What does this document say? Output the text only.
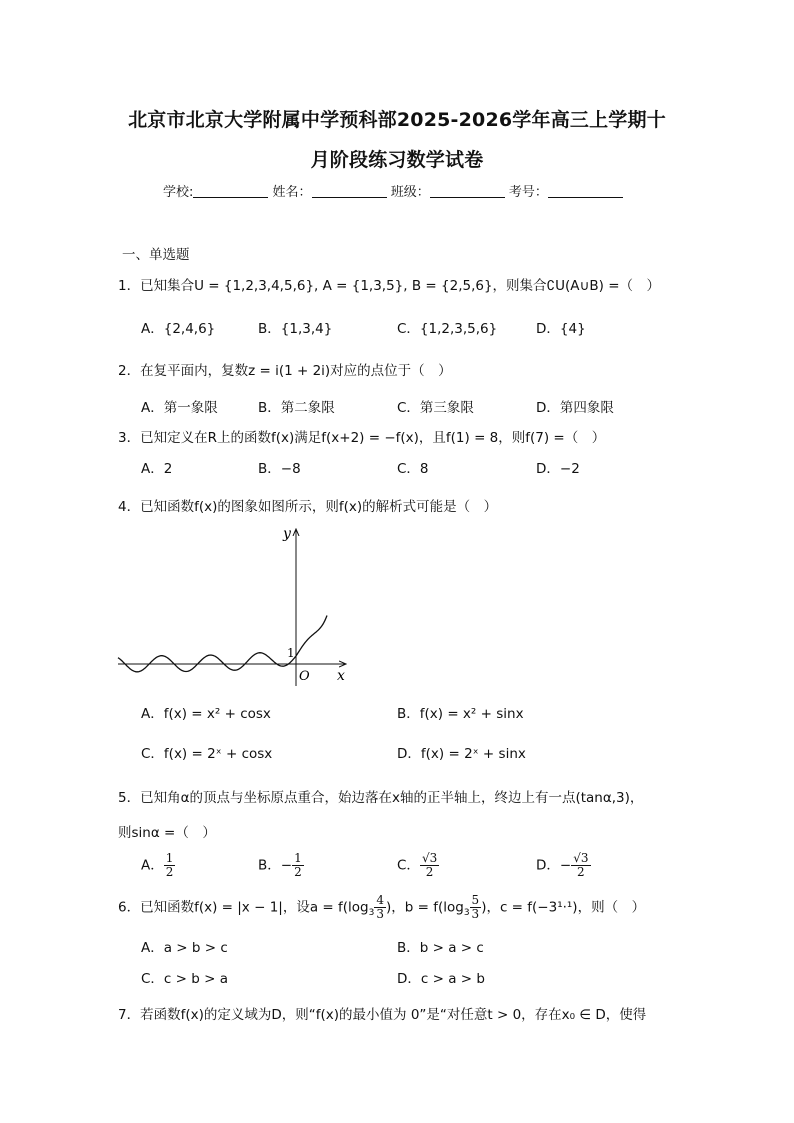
北京市北京大学附属中学预科部2025-2026学年高三上学期十
月阶段练习数学试卷
学校:	姓名：	班级：	考号：
一、单选题
1．已知集合U = {1,2,3,4,5,6}, A = {1,3,5}, B = {2,5,6}，则集合∁U(A∪B) =（　）
A．{2,4,6}	B．{1,3,4}	C．{1,2,3,5,6}	D．{4}
2．在复平面内，复数z = i(1 + 2i)对应的点位于（　）
A．第一象限	B．第二象限	C．第三象限	D．第四象限
3．已知定义在R上的函数f(x)满足f(x+2) = −f(x)，且f(1) = 8，则f(7) =（　）
A．2	B．−8	C．8	D．−2
4．已知函数f(x)的图象如图所示，则f(x)的解析式可能是（　）
y
x
O
1
A．f(x) = x² + cosx	B．f(x) = x² + sinx
C．f(x) = 2ˣ + cosx	D．f(x) = 2ˣ + sinx
5．已知角α的顶点与坐标原点重合，始边落在x轴的正半轴上，终边上有一点(tanα,3)，
则sinα =（　）
A． $\frac{1}{2}$	B．− $\frac{1}{2}$	C． $\frac{√3}{2}$	D．− $\frac{√3}{2}$
6．已知函数f(x) = |x − 1|，设$a = f(\log_3 \frac{4}{3}$ )，$b = f(\log_3 \frac{5}{3}$ )，c = f(−3¹·¹)，则（　）
A．a > b > c	B．b > a > c
C．c > b > a	D．c > a > b
7．若函数f(x)的定义域为D，则“f(x)的最小值为 0”是“对任意t > 0，存在x₀ ∈ D，使得
